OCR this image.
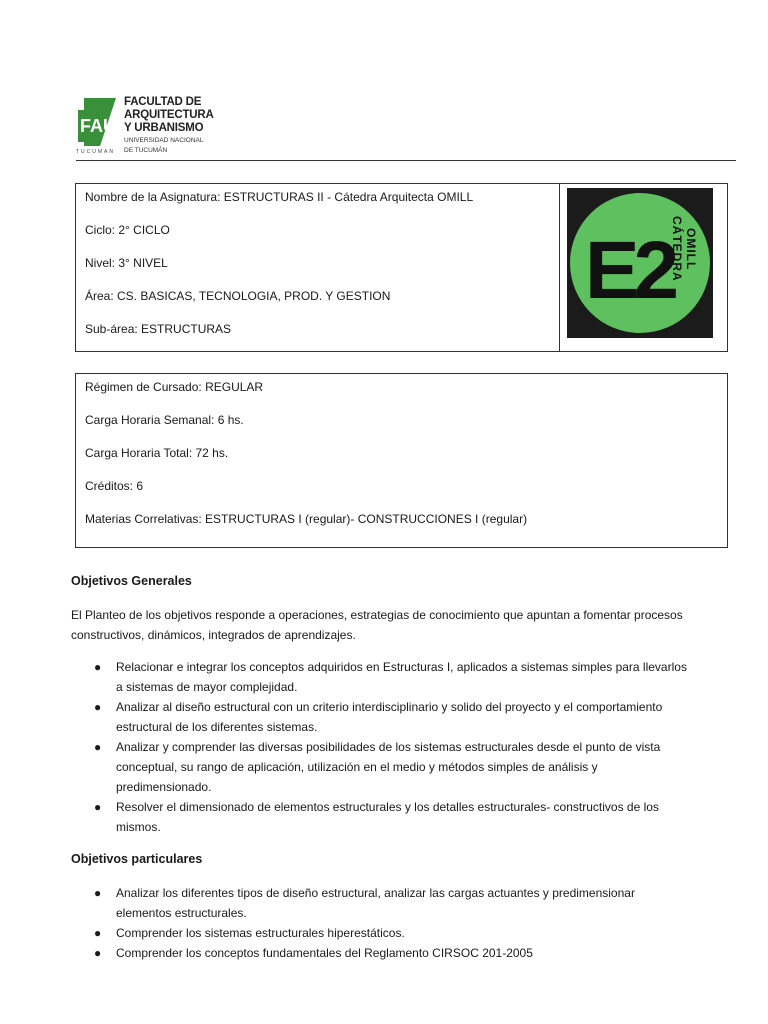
FAU
TUCUMAN
FACULTAD DE
ARQUITECTURA
Y URBANISMO
UNIVERSIDAD NACIONAL
DE TUCUMÁN
Nombre de la Asignatura: ESTRUCTURAS II - Cátedra Arquitecta OMILL
Ciclo: 2° CICLO
Nivel: 3° NIVEL
Área: CS. BASICAS, TECNOLOGIA, PROD. Y GESTION
Sub-área: ESTRUCTURAS
E2
CÁTEDRA OMILL
Régimen de Cursado: REGULAR
Carga Horaria Semanal: 6 hs.
Carga Horaria Total: 72 hs.
Créditos: 6
Materias Correlativas: ESTRUCTURAS I (regular)- CONSTRUCCIONES I (regular)
Objetivos Generales
El Planteo de los objetivos responde a operaciones, estrategias de conocimiento que apuntan a fomentar procesos
constructivos, dinámicos, integrados de aprendizajes.
● Relacionar e integrar los conceptos adquiridos en Estructuras I, aplicados a sistemas simples para llevarlos
a sistemas de mayor complejidad.
● Analizar al diseño estructural con un criterio interdisciplinario y solido del proyecto y el comportamiento
estructural de los diferentes sistemas.
● Analizar y comprender las diversas posibilidades de los sistemas estructurales desde el punto de vista
conceptual, su rango de aplicación, utilización en el medio y métodos simples de análisis y
predimensionado.
● Resolver el dimensionado de elementos estructurales y los detalles estructurales- constructivos de los
mismos.
Objetivos particulares
● Analizar los diferentes tipos de diseño estructural, analizar las cargas actuantes y predimensionar
elementos estructurales.
● Comprender los sistemas estructurales hiperestáticos.
● Comprender los conceptos fundamentales del Reglamento CIRSOC 201-2005
